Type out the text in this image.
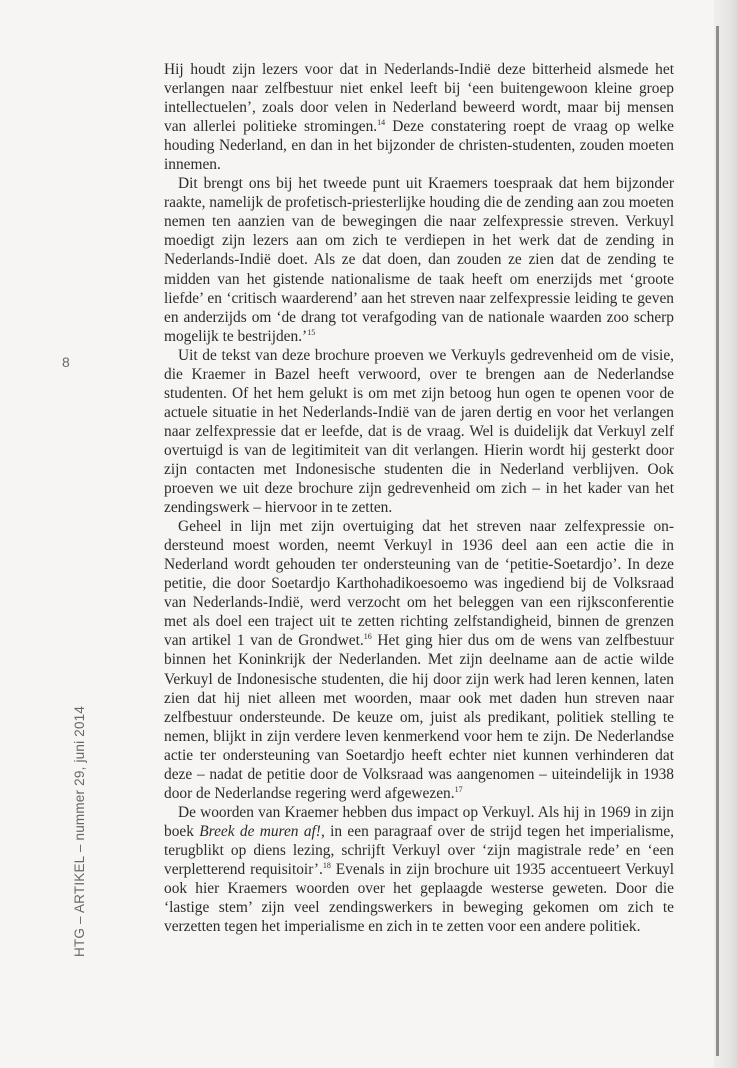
8
HTG – ARTIKEL – nummer 29, juni 2014

Hij houdt zijn lezers voor dat in Nederlands-Indië deze bitterheid alsmede het verlangen naar zelfbestuur niet enkel leeft bij ‘een buitengewoon kleine groep intellectuelen’, zoals door velen in Nederland beweerd wordt, maar bij mensen van allerlei politieke stromingen.$^{14}$ Deze constatering roept de vraag op welke houding Nederland, en dan in het bijzonder de christen-studenten, zouden moeten innemen.

Dit brengt ons bij het tweede punt uit Kraemers toespraak dat hem bijzonder raakte, namelijk de profetisch-priesterlijke houding die de zending aan zou moeten nemen ten aanzien van de bewegingen die naar zelfexpressie streven. Verkuyl moedigt zijn lezers aan om zich te verdiepen in het werk dat de zending in Nederlands-Indië doet. Als ze dat doen, dan zouden ze zien dat de zending te midden van het gistende nationalisme de taak heeft om enerzijds met ‘groote liefde’ en ‘critisch waarderend’ aan het streven naar zelfexpressie leiding te geven en anderzijds om ‘de drang tot verafgoding van de nationale waarden zoo scherp mogelijk te bestrijden.’$^{15}$

Uit de tekst van deze brochure proeven we Verkuyls gedrevenheid om de visie, die Kraemer in Bazel heeft verwoord, over te brengen aan de Nederlandse studenten. Of het hem gelukt is om met zijn betoog hun ogen te openen voor de actuele situatie in het Nederlands-Indië van de jaren dertig en voor het verlangen naar zelfexpressie dat er leefde, dat is de vraag. Wel is duidelijk dat Verkuyl zelf overtuigd is van de legitimiteit van dit verlangen. Hierin wordt hij gesterkt door zijn contacten met Indonesische studenten die in Nederland verblijven. Ook proeven we uit deze brochure zijn gedrevenheid om zich – in het kader van het zendingswerk – hiervoor in te zetten.

Geheel in lijn met zijn overtuiging dat het streven naar zelfexpressie ondersteund moest worden, neemt Verkuyl in 1936 deel aan een actie die in Nederland wordt gehouden ter ondersteuning van de ‘petitie-Soetardjo’. In deze petitie, die door Soetardjo Karthohadikoesoemo was ingediend bij de Volksraad van Nederlands-Indië, werd verzocht om het beleggen van een rijksconferentie met als doel een traject uit te zetten richting zelfstandigheid, binnen de grenzen van artikel 1 van de Grondwet.$^{16}$ Het ging hier dus om de wens van zelfbestuur binnen het Koninkrijk der Nederlanden. Met zijn deelname aan de actie wilde Verkuyl de Indonesische studenten, die hij door zijn werk had leren kennen, laten zien dat hij niet alleen met woorden, maar ook met daden hun streven naar zelfbestuur ondersteunde. De keuze om, juist als predikant, politiek stelling te nemen, blijkt in zijn verdere leven kenmerkend voor hem te zijn. De Nederlandse actie ter ondersteuning van Soetardjo heeft echter niet kunnen verhinderen dat deze – nadat de petitie door de Volksraad was aangenomen – uiteindelijk in 1938 door de Nederlandse regering werd afgewezen.$^{17}$

De woorden van Kraemer hebben dus impact op Verkuyl. Als hij in 1969 in zijn boek Breek de muren af!, in een paragraaf over de strijd tegen het imperialisme, terugblikt op diens lezing, schrijft Verkuyl over ‘zijn magistrale rede’ en ‘een verpletterend requisitoir’.$^{18}$ Evenals in zijn brochure uit 1935 accentueert Verkuyl ook hier Kraemers woorden over het geplaagde westerse geweten. Door die ‘lastige stem’ zijn veel zendingswerkers in beweging gekomen om zich te verzetten tegen het imperialisme en zich in te zetten voor een andere politiek.
